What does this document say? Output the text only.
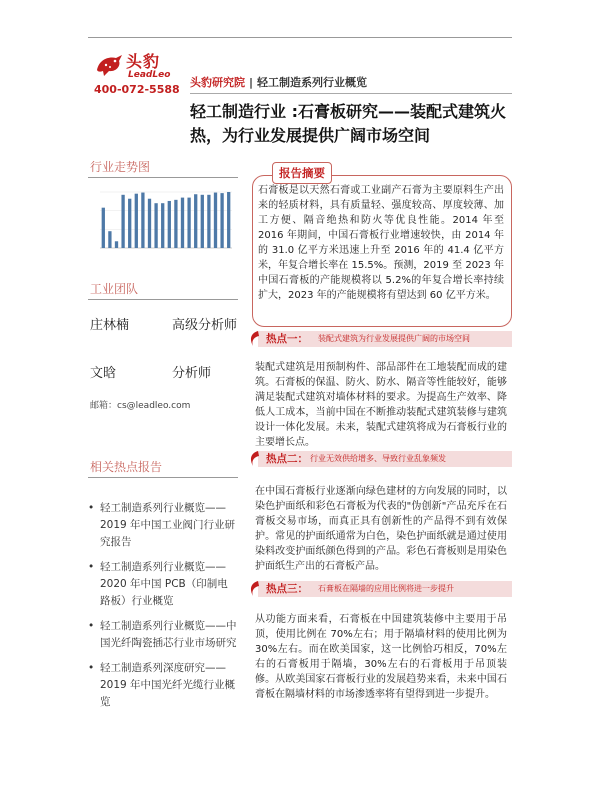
头豹
LeadLeo
400-072-5588
头豹研究院 | 轻工制造系列行业概览
轻工制造行业 :石膏板研究——装配式建筑火热，为行业发展提供广阔市场空间
行业走势图
工业团队
庄林楠	高级分析师
文晗	分析师
邮箱：cs@leadleo.com
相关热点报告
• 轻工制造系列行业概览——2019 年中国工业阀门行业研究报告
• 轻工制造系列行业概览——2020 年中国 PCB（印制电路板）行业概览
• 轻工制造系列行业概览——中国光纤陶瓷插芯行业市场研究
• 轻工制造系列深度研究——2019 年中国光纤光缆行业概览
报告摘要
石膏板是以天然石膏或工业副产石膏为主要原料生产出来的轻质材料，具有质量轻、强度较高、厚度较薄、加工方便、隔音绝热和防火等优良性能。2014 年至 2016 年期间，中国石膏板行业增速较快，由 2014 年的 31.0 亿平方米迅速上升至 2016 年的 41.4 亿平方米，年复合增长率在 15.5%。预测，2019 至 2023 年中国石膏板的产能规模将以 5.2%的年复合增长率持续扩大，2023 年的产能规模将有望达到 60 亿平方米。
热点一： 装配式建筑为行业发展提供广阔的市场空间
装配式建筑是用预制构件、部品部件在工地装配而成的建筑。石膏板的保温、防火、防水、隔音等性能较好，能够满足装配式建筑对墙体材料的要求。为提高生产效率、降低人工成本，当前中国在不断推动装配式建筑装修与建筑设计一体化发展。未来，装配式建筑将成为石膏板行业的主要增长点。
热点二： 行业无效供给增多、导致行业乱象频发
在中国石膏板行业逐渐向绿色建材的方向发展的同时，以染色护面纸和彩色石膏板为代表的"伪创新"产品充斥在石膏板交易市场，而真正具有创新性的产品得不到有效保护。常见的护面纸通常为白色，染色护面纸就是通过使用染料改变护面纸颜色得到的产品。彩色石膏板则是用染色护面纸生产出的石膏板产品。
热点三： 石膏板在隔墙的应用比例将进一步提升
从功能方面来看，石膏板在中国建筑装修中主要用于吊顶，使用比例在 70%左右；用于隔墙材料的使用比例为 30%左右。而在欧美国家，这一比例恰巧相反，70%左右的石膏板用于隔墙，30%左右的石膏板用于吊顶装修。从欧美国家石膏板行业的发展趋势来看，未来中国石膏板在隔墙材料的市场渗透率将有望得到进一步提升。
